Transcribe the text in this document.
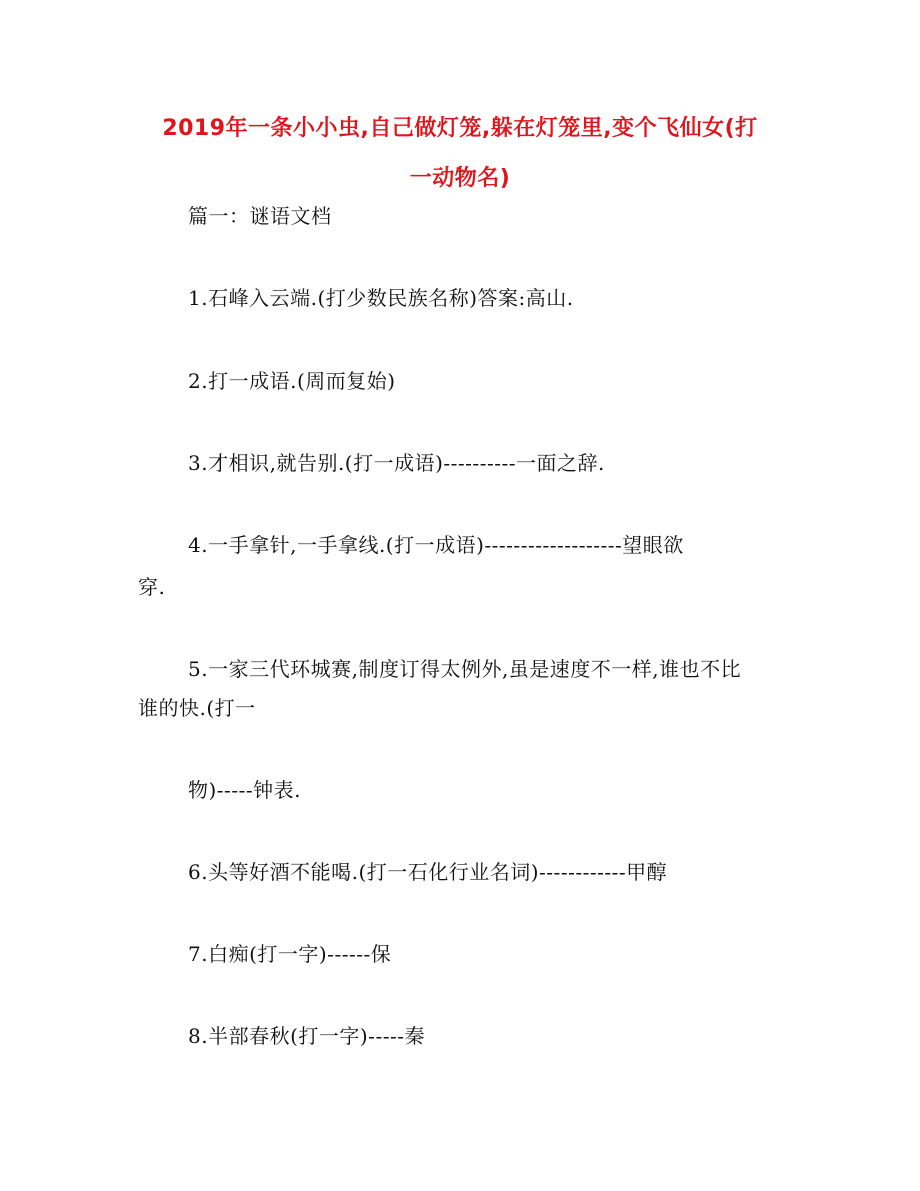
2019年一条小小虫,自己做灯笼,躲在灯笼里,变个飞仙女(打
一动物名)

篇一：谜语文档

1.石峰入云端.(打少数民族名称)答案:高山.

2.打一成语.(周而复始)

3.才相识,就告别.(打一成语)----------一面之辞.

4.一手拿针,一手拿线.(打一成语)-------------------望眼欲

穿.

5.一家三代环城赛,制度订得太例外,虽是速度不一样,谁也不比

谁的快.(打一

物)-----钟表.

6.头等好酒不能喝.(打一石化行业名词)------------甲醇

7.白痴(打一字)------保

8.半部春秋(打一字)-----秦
